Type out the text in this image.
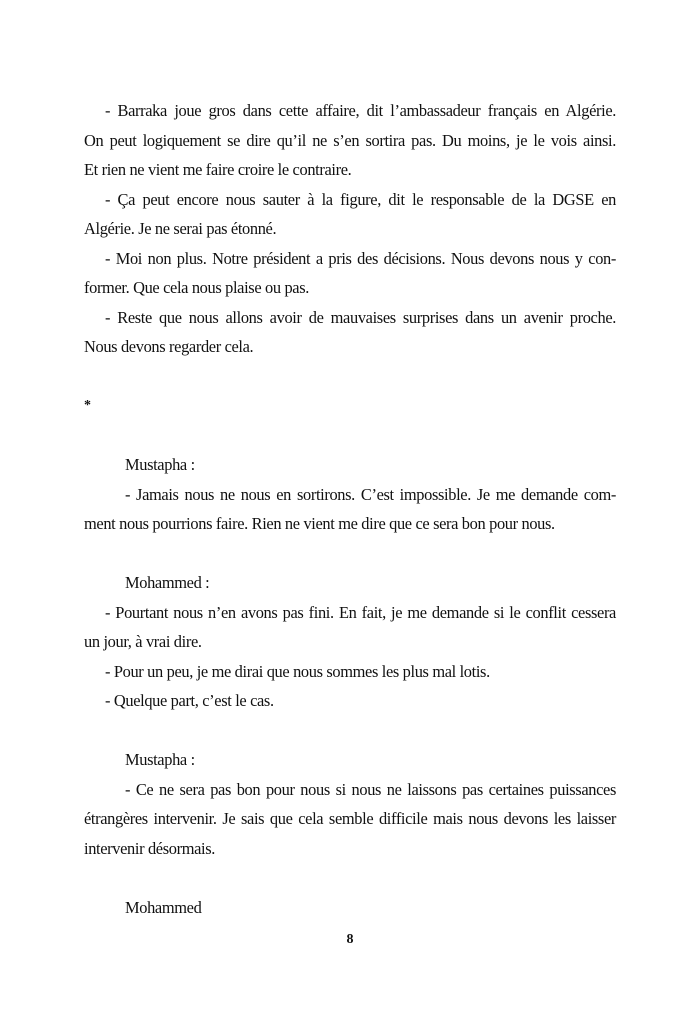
- Barraka joue gros dans cette affaire, dit l’ambassadeur français en Algérie.
On peut logiquement se dire qu’il ne s’en sortira pas. Du moins, je le vois ainsi.
Et rien ne vient me faire croire le contraire.
- Ça peut encore nous sauter à la figure, dit le responsable de la DGSE en
Algérie. Je ne serai pas étonné.
- Moi non plus. Notre président a pris des décisions. Nous devons nous y con-
former. Que cela nous plaise ou pas.
- Reste que nous allons avoir de mauvaises surprises dans un avenir proche.
Nous devons regarder cela.
*
Mustapha :
- Jamais nous ne nous en sortirons. C’est impossible. Je me demande com-
ment nous pourrions faire. Rien ne vient me dire que ce sera bon pour nous.
Mohammed :
- Pourtant nous n’en avons pas fini. En fait, je me demande si le conflit cessera
un jour, à vrai dire.
- Pour un peu, je me dirai que nous sommes les plus mal lotis.
- Quelque part, c’est le cas.
Mustapha :
- Ce ne sera pas bon pour nous si nous ne laissons pas certaines puissances
étrangères intervenir. Je sais que cela semble difficile mais nous devons les laisser
intervenir désormais.
Mohammed
8
